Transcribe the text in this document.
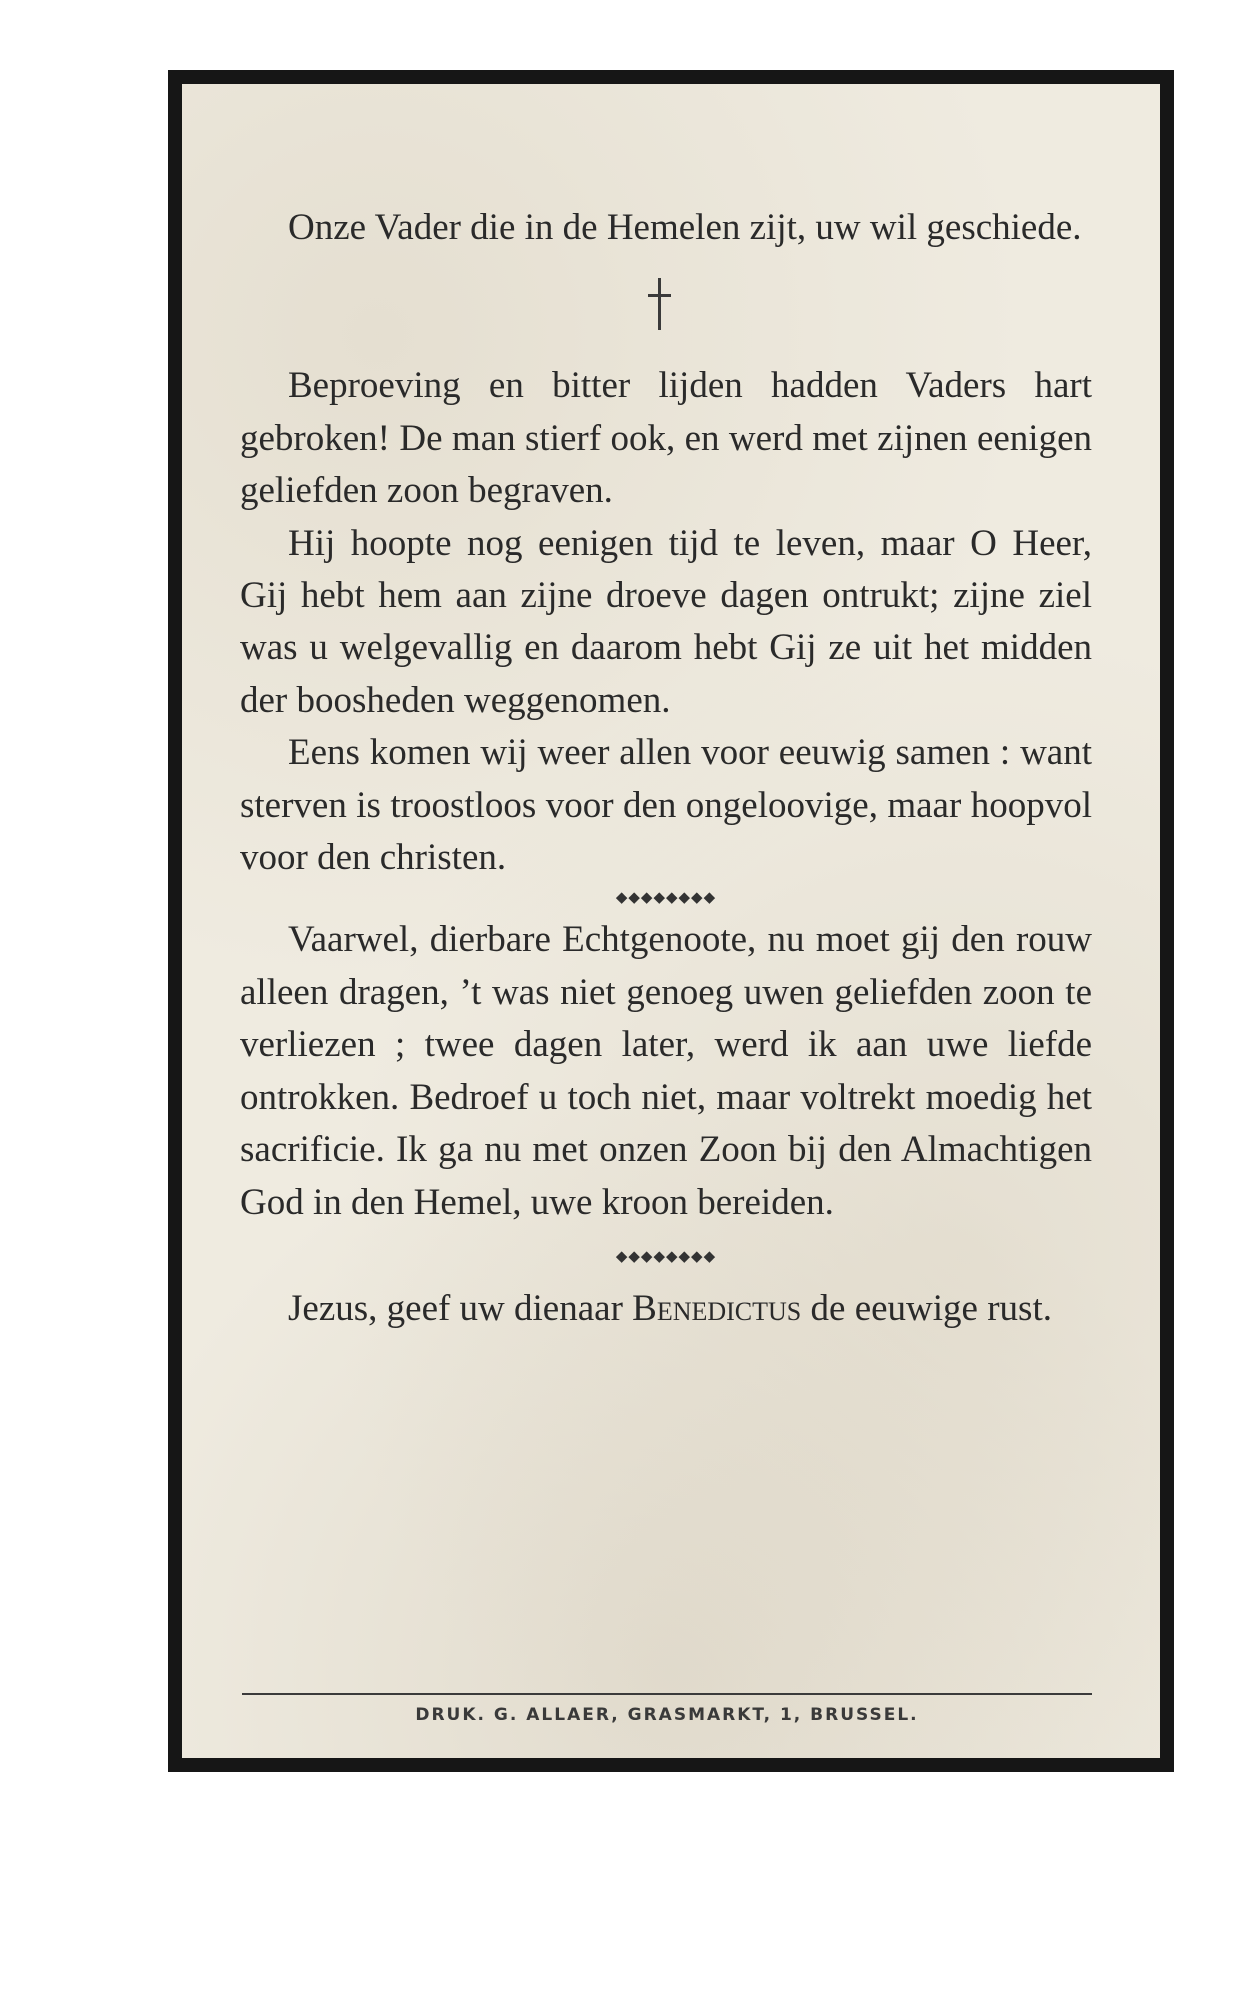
Onze Vader die in de Hemelen zijt, uw wil geschiede.

Beproeving en bitter lijden hadden Vaders hart gebroken! De man stierf ook, en werd met zijnen eenigen geliefden zoon begraven.

Hij hoopte nog eenigen tijd te leven, maar O Heer, Gij hebt hem aan zijne droeve dagen ontrukt; zijne ziel was u welgevallig en daarom hebt Gij ze uit het midden der boosheden weggenomen.

Eens komen wij weer allen voor eeuwig samen : want sterven is troostloos voor den ongeloovige, maar hoopvol voor den christen.

◆◆◆◆◆◆◆◆

Vaarwel, dierbare Echtgenoote, nu moet gij den rouw alleen dragen, ’t was niet genoeg uwen geliefden zoon te verliezen ; twee dagen later, werd ik aan uwe liefde ontrokken. Bedroef u toch niet, maar voltrekt moedig het sacrificie. Ik ga nu met onzen Zoon bij den Almachtigen God in den Hemel, uwe kroon bereiden.

◆◆◆◆◆◆◆◆

Jezus, geef uw dienaar Benedictus de eeuwige rust.

DRUK. G. ALLAER, GRASMARKT, 1, BRUSSEL.
